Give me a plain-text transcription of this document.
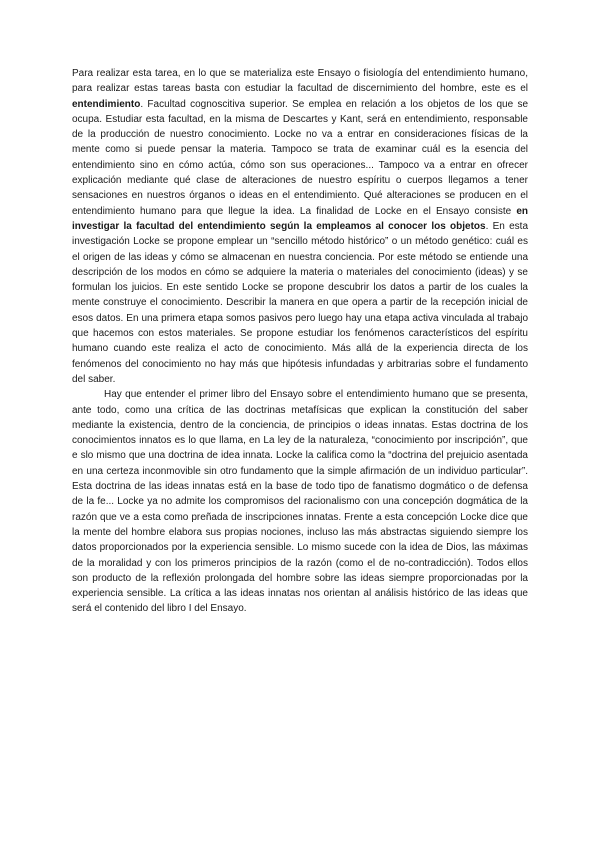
Para realizar esta tarea, en lo que se materializa este Ensayo o fisiología del entendimiento humano, para realizar estas tareas basta con estudiar la facultad de discernimiento del hombre, este es el entendimiento. Facultad cognoscitiva superior. Se emplea en relación a los objetos de los que se ocupa. Estudiar esta facultad, en la misma de Descartes y Kant, será en entendimiento, responsable de la producción de nuestro conocimiento. Locke no va a entrar en consideraciones físicas de la mente como si puede pensar la materia. Tampoco se trata de examinar cuál es la esencia del entendimiento sino en cómo actúa, cómo son sus operaciones... Tampoco va a entrar en ofrecer explicación mediante qué clase de alteraciones de nuestro espíritu o cuerpos llegamos a tener sensaciones en nuestros órganos o ideas en el entendimiento. Qué alteraciones se producen en el entendimiento humano para que llegue la idea. La finalidad de Locke en el Ensayo consiste en investigar la facultad del entendimiento según la empleamos al conocer los objetos. En esta investigación Locke se propone emplear un “sencillo método histórico” o un método genético: cuál es el origen de las ideas y cómo se almacenan en nuestra conciencia. Por este método se entiende una descripción de los modos en cómo se adquiere la materia o materiales del conocimiento (ideas) y se formulan los juicios. En este sentido Locke se propone descubrir los datos a partir de los cuales la mente construye el conocimiento. Describir la manera en que opera a partir de la recepción inicial de esos datos. En una primera etapa somos pasivos pero luego hay una etapa activa vinculada al trabajo que hacemos con estos materiales. Se propone estudiar los fenómenos característicos del espíritu humano cuando este realiza el acto de conocimiento. Más allá de la experiencia directa de los fenómenos del conocimiento no hay más que hipótesis infundadas y arbitrarias sobre el fundamento del saber.

Hay que entender el primer libro del Ensayo sobre el entendimiento humano que se presenta, ante todo, como una crítica de las doctrinas metafísicas que explican la constitución del saber mediante la existencia, dentro de la conciencia, de principios o ideas innatas. Estas doctrina de los conocimientos innatos es lo que llama, en La ley de la naturaleza, “conocimiento por inscripción”, que e slo mismo que una doctrina de idea innata. Locke la califica como la “doctrina del prejuicio asentada en una certeza inconmovible sin otro fundamento que la simple afirmación de un individuo particular”. Esta doctrina de las ideas innatas está en la base de todo tipo de fanatismo dogmático o de defensa de la fe... Locke ya no admite los compromisos del racionalismo con una concepción dogmática de la razón que ve a esta como preñada de inscripciones innatas. Frente a esta concepción Locke dice que la mente del hombre elabora sus propias nociones, incluso las más abstractas siguiendo siempre los datos proporcionados por la experiencia sensible. Lo mismo sucede con la idea de Dios, las máximas de la moralidad y con los primeros principios de la razón (como el de no-contradicción). Todos ellos son producto de la reflexión prolongada del hombre sobre las ideas siempre proporcionadas por la experiencia sensible. La crítica a las ideas innatas nos orientan al análisis histórico de las ideas que será el contenido del libro I del Ensayo.
